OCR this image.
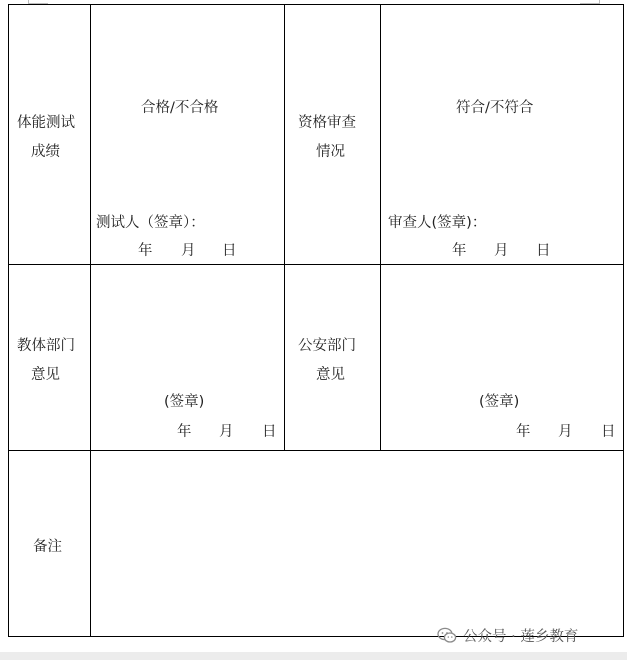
体能测试
成绩
合格/不合格
测试人（签章）：
年 月 日
资格审查
情况
符合/不符合
审查人(签章)：
年 月 日
教体部门
意见
(签章)
年 月 日
公安部门
意见
(签章)
年 月 日
备注
公众号 · 莲乡教育
